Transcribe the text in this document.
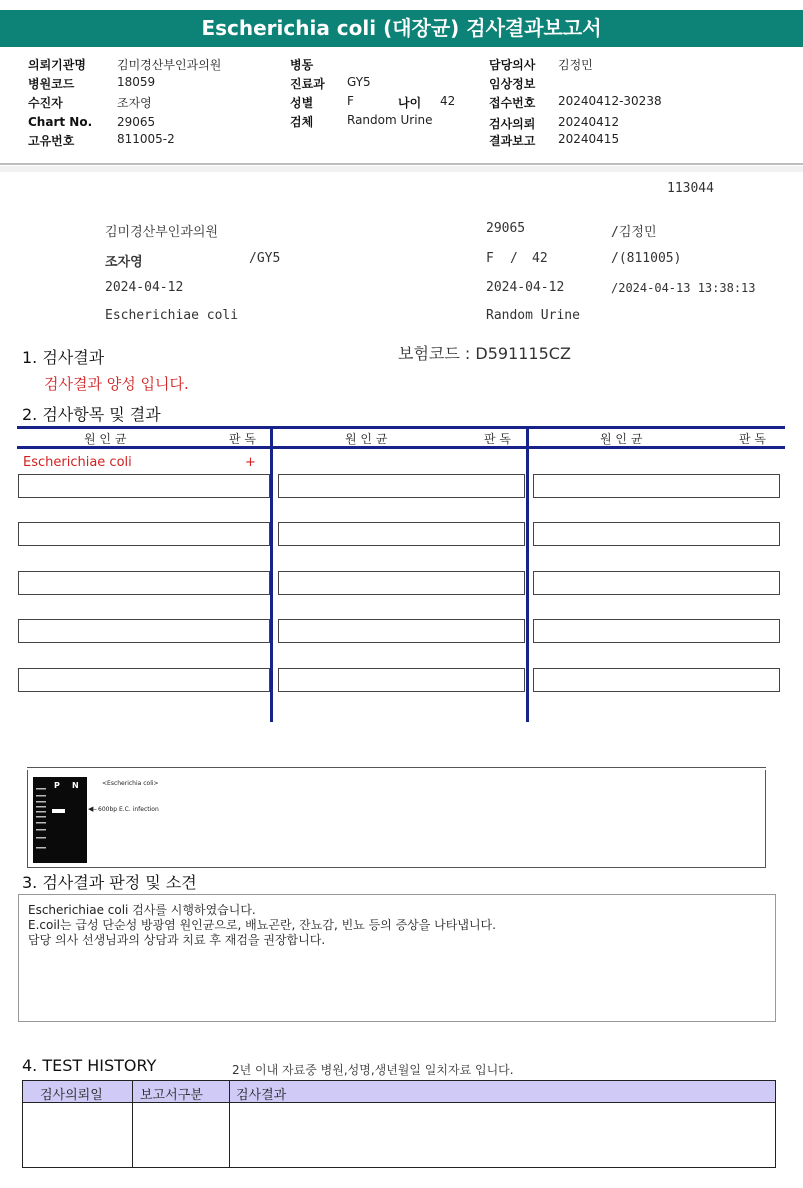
Escherichia coli (대장균) 검사결과보고서
의뢰기관명	김미경산부인과의원
병원코드	18059
수진자	조자영
Chart No. 29065
고유번호	811005-2
병동
진료과 GY5
성별	F	나이 42
검체	Random Urine
담당의사 김정민
임상정보
접수번호 20240412-30238
검사의뢰 20240412
결과보고 20240415
113044
김미경산부인과의원	29065	/김정민
조자영	/GY5	F / 42	/(811005)
2024-04-12	2024-04-12	/2024-04-13 13:38:13
Escherichiae coli	Random Urine
1. 검사결과	보험코드 : D591115CZ
검사결과 양성 입니다.
2. 검사항목 및 결과
원 인 균	판 독	원 인 균	판 독	원 인 균	판 독
Escherichiae coli	+
P N	<Escherichia coli>
◀– 600bp E.C. infection
3. 검사결과 판정 및 소견
Escherichiae coli 검사를 시행하였습니다.
E.coil는 급성 단순성 방광염 원인균으로, 배뇨곤란, 잔뇨감, 빈뇨 등의 증상을 나타냅니다.
담당 의사 선생님과의 상담과 치료 후 재검을 권장합니다.
4. TEST HISTORY	2년 이내 자료중 병원,성명,생년월일 일치자료 입니다.
검사의뢰일	보고서구분	검사결과
